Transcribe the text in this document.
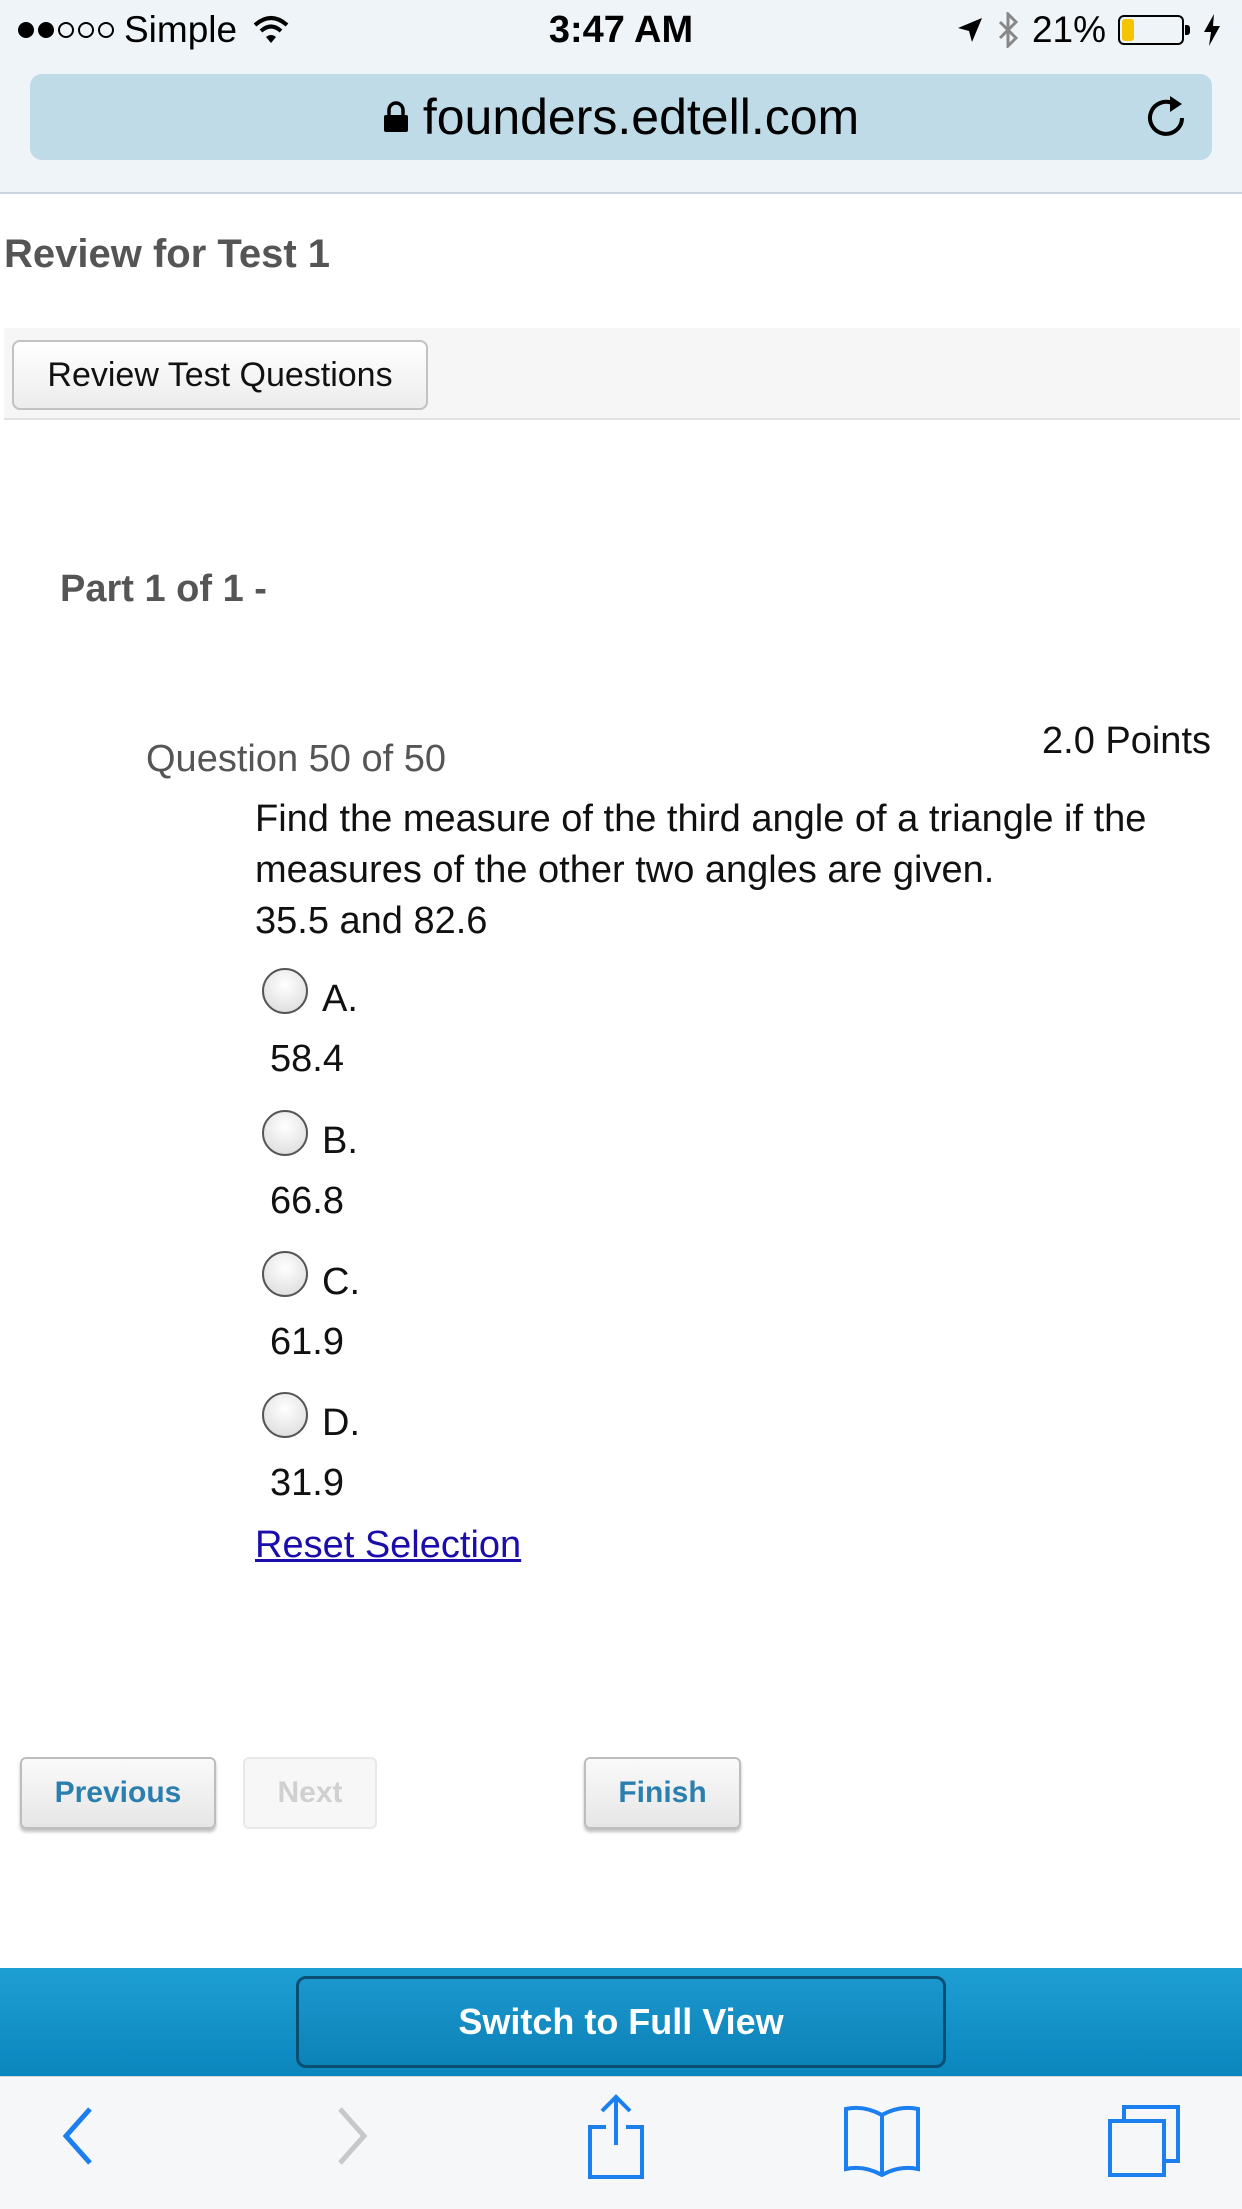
Simple	3:47 AM	21%
founders.edtell.com
Review for Test 1
Review Test Questions
Part 1 of 1 -
2.0 Points
Question 50 of 50
Find the measure of the third angle of a triangle if the
measures of the other two angles are given.
35.5 and 82.6
A.
58.4
B.
66.8
C.
61.9
D.
31.9
Reset Selection
Previous	Next	Finish
Switch to Full View
